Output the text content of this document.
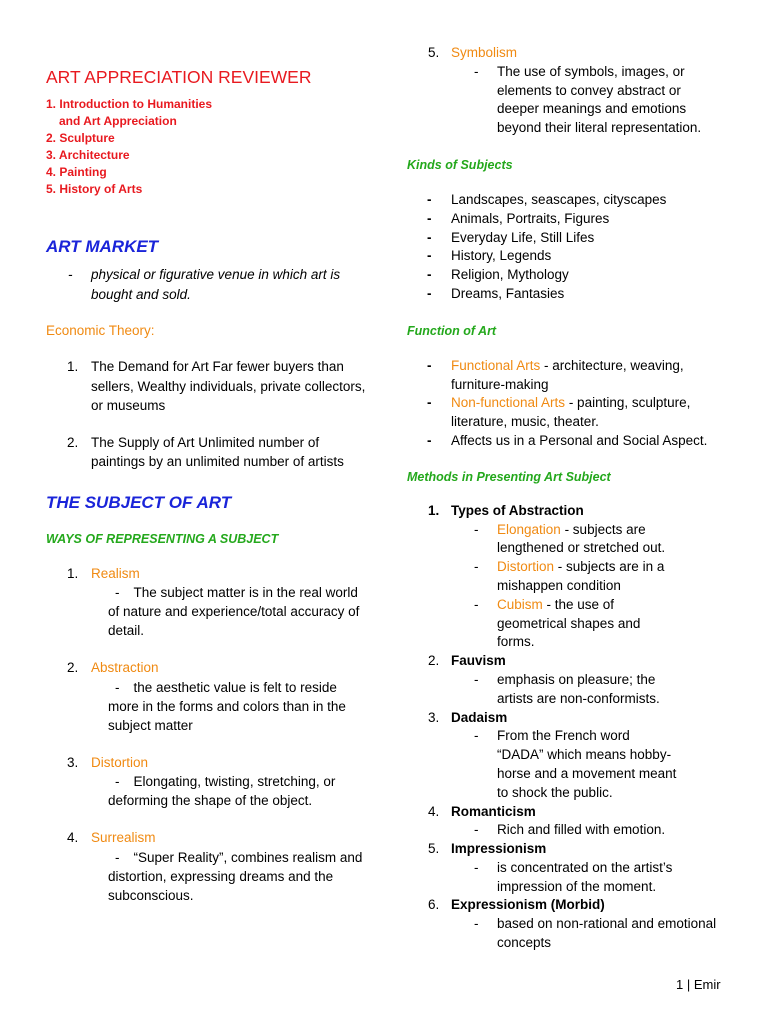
ART APPRECIATION REVIEWER
1. Introduction to Humanities
and Art Appreciation
2. Sculpture
3. Architecture
4. Painting
5. History of Arts
ART MARKET
- physical or figurative venue in which art is bought and sold.
Economic Theory:
1. The Demand for Art Far fewer buyers than sellers, Wealthy individuals, private collectors, or museums
2. The Supply of Art Unlimited number of paintings by an unlimited number of artists
THE SUBJECT OF ART
WAYS OF REPRESENTING A SUBJECT
1. Realism
- The subject matter is in the real world of nature and experience/total accuracy of detail.
2. Abstraction
- the aesthetic value is felt to reside more in the forms and colors than in the subject matter
3. Distortion
- Elongating, twisting, stretching, or deforming the shape of the object.
4. Surrealism
- “Super Reality”, combines realism and distortion, expressing dreams and the subconscious.
5. Symbolism
- The use of symbols, images, or elements to convey abstract or deeper meanings and emotions beyond their literal representation.
Kinds of Subjects
- Landscapes, seascapes, cityscapes
- Animals, Portraits, Figures
- Everyday Life, Still Lifes
- History, Legends
- Religion, Mythology
- Dreams, Fantasies
Function of Art
- Functional Arts - architecture, weaving, furniture-making
- Non-functional Arts - painting, sculpture, literature, music, theater.
- Affects us in a Personal and Social Aspect.
Methods in Presenting Art Subject
1. Types of Abstraction
- Elongation - subjects are lengthened or stretched out.
- Distortion - subjects are in a mishappen condition
- Cubism - the use of geometrical shapes and forms.
2. Fauvism
- emphasis on pleasure; the artists are non-conformists.
3. Dadaism
- From the French word “DADA” which means hobby-horse and a movement meant to shock the public.
4. Romanticism
- Rich and filled with emotion.
5. Impressionism
- is concentrated on the artist’s impression of the moment.
6. Expressionism (Morbid)
- based on non-rational and emotional concepts
1 | Emir
